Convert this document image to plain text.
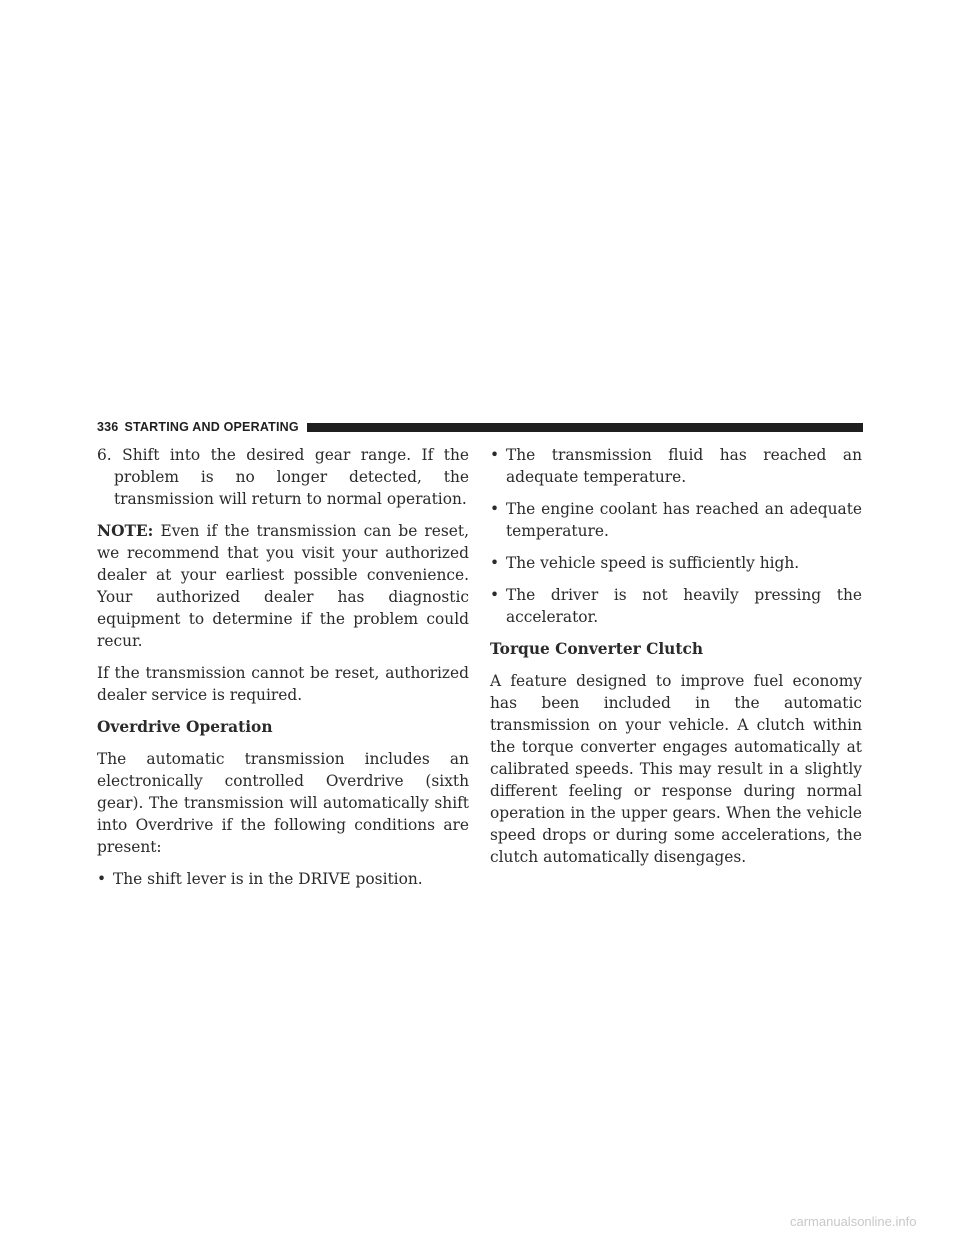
336 STARTING AND OPERATING

6. Shift into the desired gear range. If the problem is no longer detected, the transmission will return to normal operation.

NOTE: Even if the transmission can be reset, we recommend that you visit your authorized dealer at your earliest possible convenience. Your authorized dealer has diagnostic equipment to determine if the problem could recur.

If the transmission cannot be reset, authorized dealer service is required.

Overdrive Operation

The automatic transmission includes an electronically controlled Overdrive (sixth gear). The transmission will automatically shift into Overdrive if the following conditions are present:

• The shift lever is in the DRIVE position.
• The transmission fluid has reached an adequate temperature.
• The engine coolant has reached an adequate temperature.
• The vehicle speed is sufficiently high.
• The driver is not heavily pressing the accelerator.

Torque Converter Clutch

A feature designed to improve fuel economy has been included in the automatic transmission on your vehicle. A clutch within the torque converter engages automatically at calibrated speeds. This may result in a slightly different feeling or response during normal operation in the upper gears. When the vehicle speed drops or during some accelerations, the clutch automatically disengages.

carmanualsonline.info
